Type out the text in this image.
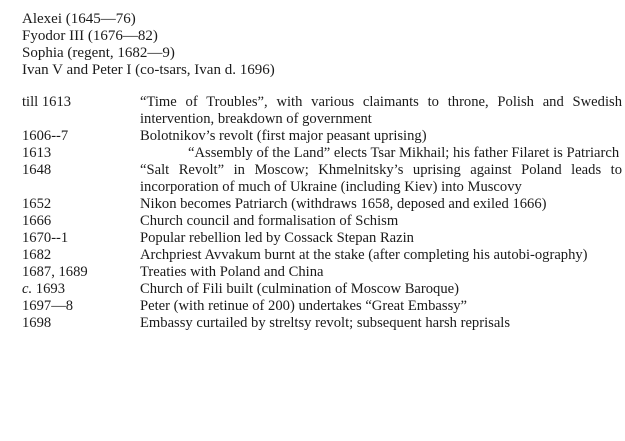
Alexei (1645—76)
Fyodor III (1676—82)
Sophia (regent, 1682—9)
Ivan V and Peter I (co-tsars, Ivan d. 1696)
till 1613	“Time of Troubles”, with various claimants to throne, Polish and Swedish intervention, breakdown of government
1606--7	Bolotnikov’s revolt (first major peasant uprising)
1613	“Assembly of the Land” elects Tsar Mikhail; his father Filaret is Patriarch
1648	“Salt Revolt” in Moscow; Khmelnitsky’s uprising against Poland leads to incorporation of much of Ukraine (including Kiev) into Muscovy
1652	Nikon becomes Patriarch (withdraws 1658, deposed and exiled 1666)
1666	Church council and formalisation of Schism
1670--1	Popular rebellion led by Cossack Stepan Razin
1682	Archpriest Avvakum burnt at the stake (after completing his autobi-ography)
1687, 1689	Treaties with Poland and China
c. 1693	Church of Fili built (culmination of Moscow Baroque)
1697—8	Peter (with retinue of 200) undertakes “Great Embassy”
1698	Embassy curtailed by streltsy revolt; subsequent harsh reprisals
